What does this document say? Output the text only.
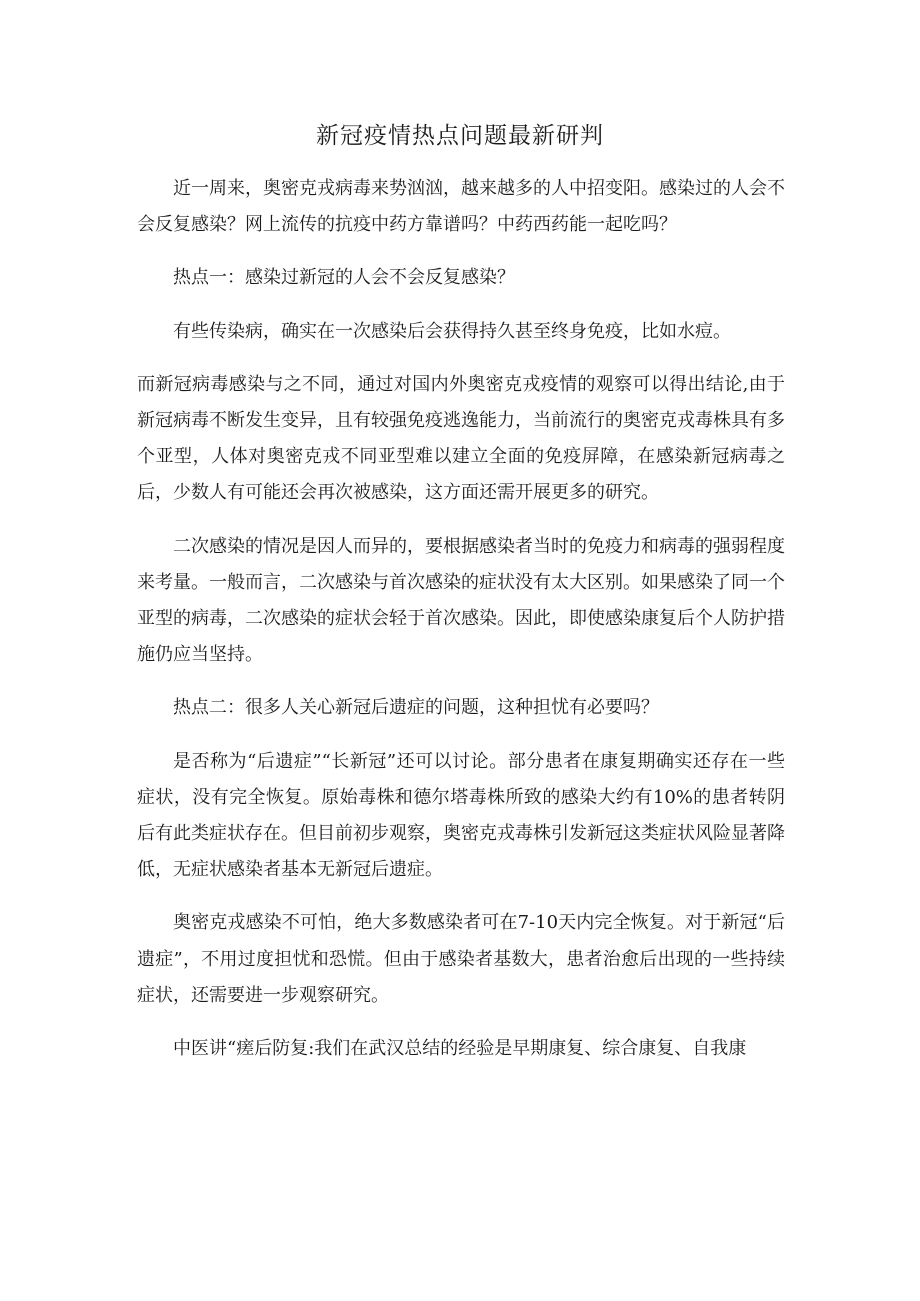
新冠疫情热点问题最新研判

近一周来，奥密克戎病毒来势汹汹，越来越多的人中招变阳。感染过的人会不会反复感染？网上流传的抗疫中药方靠谱吗？中药西药能一起吃吗？

热点一：感染过新冠的人会不会反复感染？

有些传染病，确实在一次感染后会获得持久甚至终身免疫，比如水痘。

而新冠病毒感染与之不同，通过对国内外奥密克戎疫情的观察可以得出结论,由于新冠病毒不断发生变异，且有较强免疫逃逸能力，当前流行的奥密克戎毒株具有多个亚型，人体对奥密克戎不同亚型难以建立全面的免疫屏障，在感染新冠病毒之后，少数人有可能还会再次被感染，这方面还需开展更多的研究。

二次感染的情况是因人而异的，要根据感染者当时的免疫力和病毒的强弱程度来考量。一般而言，二次感染与首次感染的症状没有太大区别。如果感染了同一个亚型的病毒，二次感染的症状会轻于首次感染。因此，即使感染康复后个人防护措施仍应当坚持。

热点二：很多人关心新冠后遗症的问题，这种担忧有必要吗？

是否称为“后遗症”“长新冠”还可以讨论。部分患者在康复期确实还存在一些症状，没有完全恢复。原始毒株和德尔塔毒株所致的感染大约有10%的患者转阴后有此类症状存在。但目前初步观察，奥密克戎毒株引发新冠这类症状风险显著降低，无症状感染者基本无新冠后遗症。

奥密克戎感染不可怕，绝大多数感染者可在7-10天内完全恢复。对于新冠“后遗症”，不用过度担忧和恐慌。但由于感染者基数大，患者治愈后出现的一些持续症状，还需要进一步观察研究。

中医讲“瘥后防复:我们在武汉总结的经验是早期康复、综合康复、自我康
